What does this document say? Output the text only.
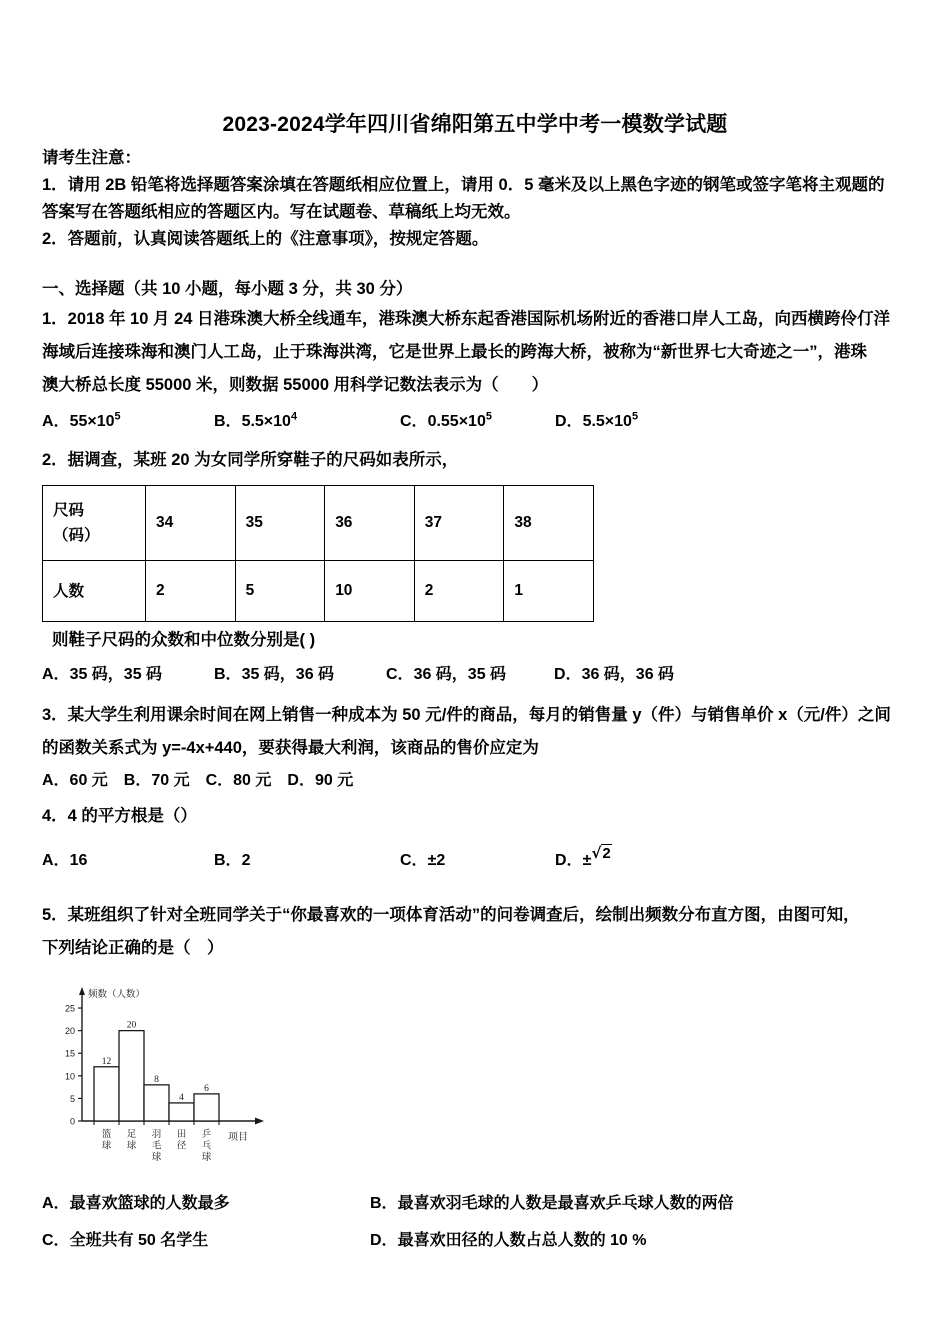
2023-2024学年四川省绵阳第五中学中考一模数学试题
请考生注意：
1．请用 2B 铅笔将选择题答案涂填在答题纸相应位置上，请用 0．5 毫米及以上黑色字迹的钢笔或签字笔将主观题的
答案写在答题纸相应的答题区内。写在试题卷、草稿纸上均无效。
2．答题前，认真阅读答题纸上的《注意事项》，按规定答题。
一、选择题（共 10 小题，每小题 3 分，共 30 分）
1．2018 年 10 月 24 日港珠澳大桥全线通车，港珠澳大桥东起香港国际机场附近的香港口岸人工岛，向西横跨伶仃洋
海域后连接珠海和澳门人工岛，止于珠海洪湾，它是世界上最长的跨海大桥，被称为“新世界七大奇迹之一”，港珠
澳大桥总长度 55000 米，则数据 55000 用科学记数法表示为（　　）
A．$55\times 10^5$	B．$5.5\times 10^4$	C．$0.55\times 10^5$	D．$5.5\times 10^5$
2．据调查，某班 20 为女同学所穿鞋子的尺码如表所示，
尺码
（码）	34	35	36	37	38
人数	2	5	10	2	1
则鞋子尺码的众数和中位数分别是( )
A．35 码，35 码	B．35 码，36 码	C．36 码，35 码	D．36 码，36 码
3．某大学生利用课余时间在网上销售一种成本为 50 元/件的商品，每月的销售量 y（件）与销售单价 x（元/件）之间
的函数关系式为 y=-4x+440，要获得最大利润，该商品的售价应定为
A．60 元　B．70 元　C．80 元　D．90 元
4．4 的平方根是（）
A．16	B．2	C．±2	D．±√2
5．某班组织了针对全班同学关于“你最喜欢的一项体育活动”的问卷调查后，绘制出频数分布直方图，由图可知，
下列结论正确的是（　）
0
5
10
15
20
25
12
20
8
4
6
篮
球
足
球
羽
毛
球
田
径
乒
乓
球
频数（人数）
项目
A．最喜欢篮球的人数最多	B．最喜欢羽毛球的人数是最喜欢乒乓球人数的两倍
C．全班共有 50 名学生	D．最喜欢田径的人数占总人数的 10 %
